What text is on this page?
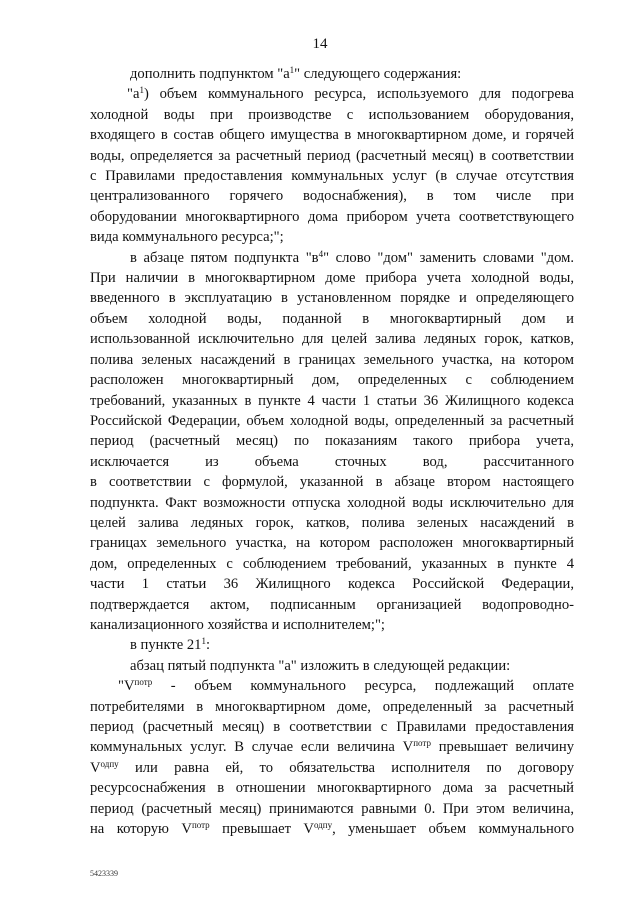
14
дополнить подпунктом "$а^1$" следующего содержания:
"$а^1$) объем коммунального ресурса, используемого для подогрева
холодной воды при производстве с использованием оборудования,
входящего в состав общего имущества в многоквартирном доме, и горячей
воды, определяется за расчетный период (расчетный месяц) в соответствии
с Правилами предоставления коммунальных услуг (в случае отсутствия
централизованного горячего водоснабжения), в том числе при
оборудовании многоквартирного дома прибором учета соответствующего
вида коммунального ресурса;";
в абзаце пятом подпункта "$в^4$" слово "дом" заменить словами "дом.
При наличии в многоквартирном доме прибора учета холодной воды,
введенного в эксплуатацию в установленном порядке и определяющего
объем холодной воды, поданной в многоквартирный дом и
использованной исключительно для целей залива ледяных горок, катков,
полива зеленых насаждений в границах земельного участка, на котором
расположен многоквартирный дом, определенных с соблюдением
требований, указанных в пункте 4 части 1 статьи 36 Жилищного кодекса
Российской Федерации, объем холодной воды, определенный за расчетный
период (расчетный месяц) по показаниям такого прибора учета,
исключается из объема сточных вод, рассчитанного
в соответствии с формулой, указанной в абзаце втором настоящего
подпункта. Факт возможности отпуска холодной воды исключительно для
целей залива ледяных горок, катков, полива зеленых насаждений в
границах земельного участка, на котором расположен многоквартирный
дом, определенных с соблюдением требований, указанных в пункте 4
части 1 статьи 36 Жилищного кодекса Российской Федерации,
подтверждается актом, подписанным организацией водопроводно-
канализационного хозяйства и исполнителем;";
в пункте $21^1$:
абзац пятый подпункта "а" изложить в следующей редакции:
"$V^{потр}$ - объем коммунального ресурса, подлежащий оплате
потребителями в многоквартирном доме, определенный за расчетный
период (расчетный месяц) в соответствии с Правилами предоставления
коммунальных услуг. В случае если величина $V^{потр}$ превышает величину
$V^{одпу}$ или равна ей, то обязательства исполнителя по договору
ресурсоснабжения в отношении многоквартирного дома за расчетный
период (расчетный месяц) принимаются равными 0. При этом величина,
на которую $V^{потр}$ превышает $V^{одпу}$, уменьшает объем коммунального
5423339
